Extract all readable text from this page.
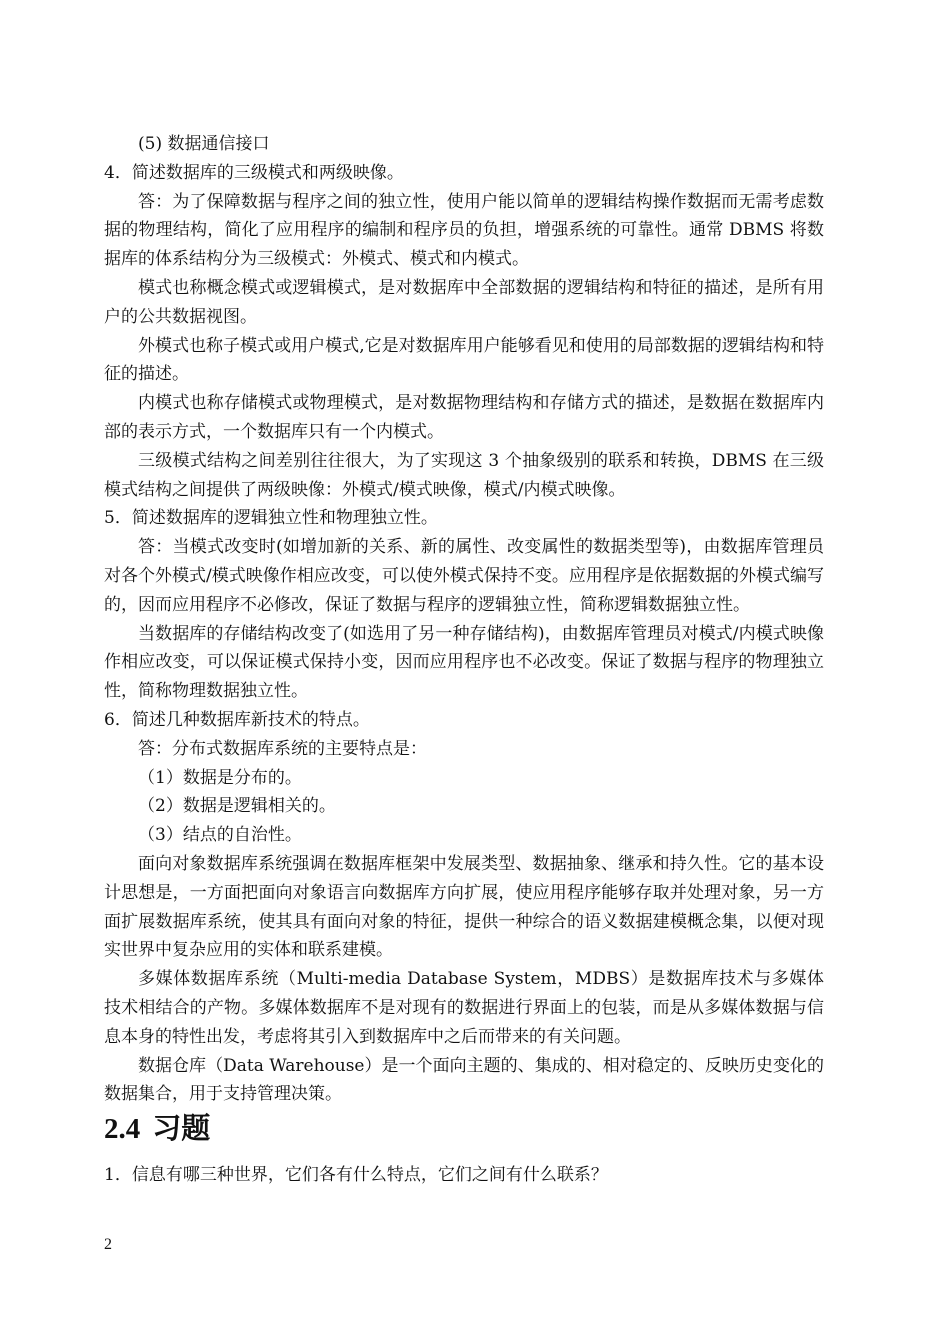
(5) 数据通信接口

4．简述数据库的三级模式和两级映像。

答：为了保障数据与程序之间的独立性，使用户能以简单的逻辑结构操作数据而无需考虑数据的物理结构，简化了应用程序的编制和程序员的负担，增强系统的可靠性。通常 DBMS 将数据库的体系结构分为三级模式：外模式、模式和内模式。

模式也称概念模式或逻辑模式，是对数据库中全部数据的逻辑结构和特征的描述，是所有用户的公共数据视图。

外模式也称子模式或用户模式,它是对数据库用户能够看见和使用的局部数据的逻辑结构和特征的描述。

内模式也称存储模式或物理模式，是对数据物理结构和存储方式的描述，是数据在数据库内部的表示方式，一个数据库只有一个内模式。

三级模式结构之间差别往往很大，为了实现这 3 个抽象级别的联系和转换，DBMS 在三级模式结构之间提供了两级映像：外模式/模式映像，模式/内模式映像。

5．简述数据库的逻辑独立性和物理独立性。

答：当模式改变时(如增加新的关系、新的属性、改变属性的数据类型等)，由数据库管理员对各个外模式/模式映像作相应改变，可以使外模式保持不变。应用程序是依据数据的外模式编写的，因而应用程序不必修改，保证了数据与程序的逻辑独立性，简称逻辑数据独立性。

当数据库的存储结构改变了(如选用了另一种存储结构)，由数据库管理员对模式/内模式映像作相应改变，可以保证模式保持小变，因而应用程序也不必改变。保证了数据与程序的物理独立性，简称物理数据独立性。

6．简述几种数据库新技术的特点。

答：分布式数据库系统的主要特点是：

（1）数据是分布的。

（2）数据是逻辑相关的。

（3）结点的自治性。

面向对象数据库系统强调在数据库框架中发展类型、数据抽象、继承和持久性。它的基本设计思想是，一方面把面向对象语言向数据库方向扩展，使应用程序能够存取并处理对象，另一方面扩展数据库系统，使其具有面向对象的特征，提供一种综合的语义数据建模概念集，以便对现实世界中复杂应用的实体和联系建模。

多媒体数据库系统（Multi-media Database System，MDBS）是数据库技术与多媒体技术相结合的产物。多媒体数据库不是对现有的数据进行界面上的包装，而是从多媒体数据与信息本身的特性出发，考虑将其引入到数据库中之后而带来的有关问题。

数据仓库（Data Warehouse）是一个面向主题的、集成的、相对稳定的、反映历史变化的数据集合，用于支持管理决策。

2.4 习题

1．信息有哪三种世界，它们各有什么特点，它们之间有什么联系？

2
